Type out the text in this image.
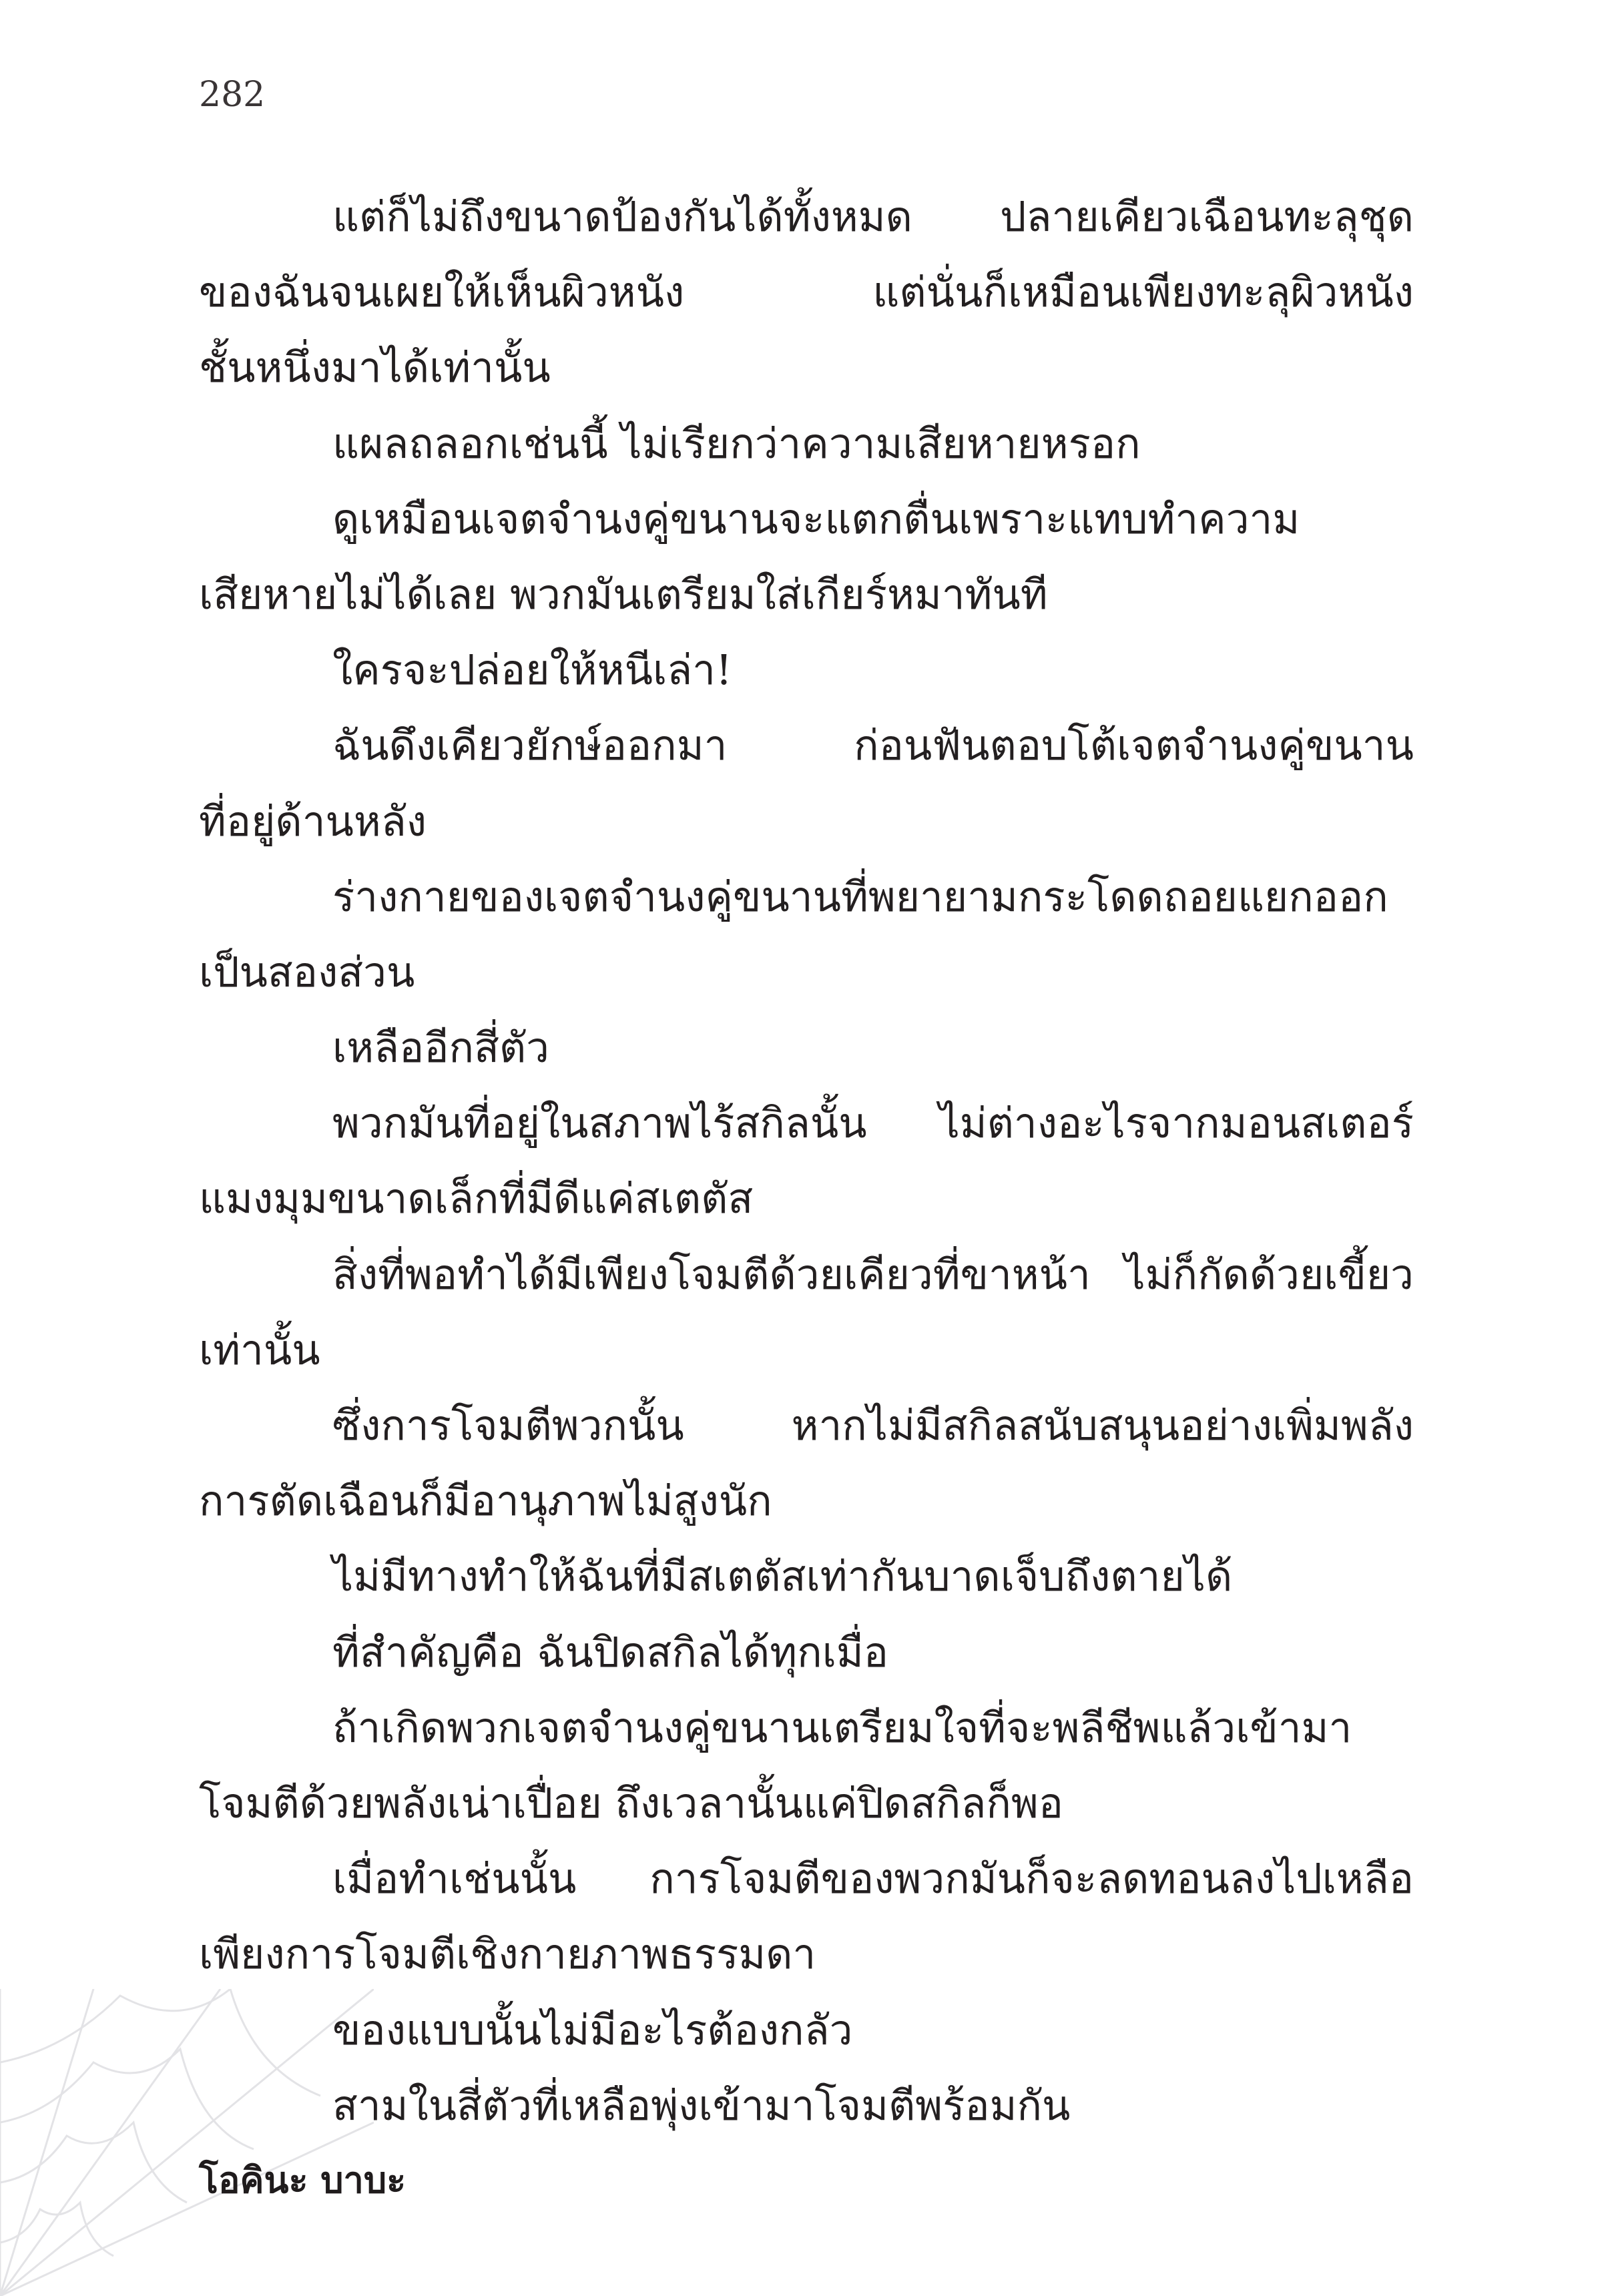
282
แต่ก็ไม่ถึงขนาดป้องกันได้ทั้งหมด ปลายเคียวเฉือนทะลุชุด
ของฉันจนเผยให้เห็นผิวหนัง แต่นั่นก็เหมือนเพียงทะลุผิวหนัง
ชั้นหนึ่งมาได้เท่านั้น
แผลถลอกเช่นนี้ ไม่เรียกว่าความเสียหายหรอก
ดูเหมือนเจตจำนงคู่ขนานจะแตกตื่นเพราะแทบทำความ
เสียหายไม่ได้เลย พวกมันเตรียมใส่เกียร์หมาทันที
ใครจะปล่อยให้หนีเล่า!
ฉันดึงเคียวยักษ์ออกมา ก่อนฟันตอบโต้เจตจำนงคู่ขนาน
ที่อยู่ด้านหลัง
ร่างกายของเจตจำนงคู่ขนานที่พยายามกระโดดถอยแยกออก
เป็นสองส่วน
เหลืออีกสี่ตัว
พวกมันที่อยู่ในสภาพไร้สกิลนั้น ไม่ต่างอะไรจากมอนสเตอร์
แมงมุมขนาดเล็กที่มีดีแค่สเตตัส
สิ่งที่พอทำได้มีเพียงโจมตีด้วยเคียวที่ขาหน้า ไม่ก็กัดด้วยเขี้ยว
เท่านั้น
ซึ่งการโจมตีพวกนั้น หากไม่มีสกิลสนับสนุนอย่างเพิ่มพลัง
การตัดเฉือนก็มีอานุภาพไม่สูงนัก
ไม่มีทางทำให้ฉันที่มีสเตตัสเท่ากันบาดเจ็บถึงตายได้
ที่สำคัญคือ ฉันปิดสกิลได้ทุกเมื่อ
ถ้าเกิดพวกเจตจำนงคู่ขนานเตรียมใจที่จะพลีชีพแล้วเข้ามา
โจมตีด้วยพลังเน่าเปื่อย ถึงเวลานั้นแค่ปิดสกิลก็พอ
เมื่อทำเช่นนั้น การโจมตีของพวกมันก็จะลดทอนลงไปเหลือ
เพียงการโจมตีเชิงกายภาพธรรมดา
ของแบบนั้นไม่มีอะไรต้องกลัว
สามในสี่ตัวที่เหลือพุ่งเข้ามาโจมตีพร้อมกัน
โอคินะ บาบะ
